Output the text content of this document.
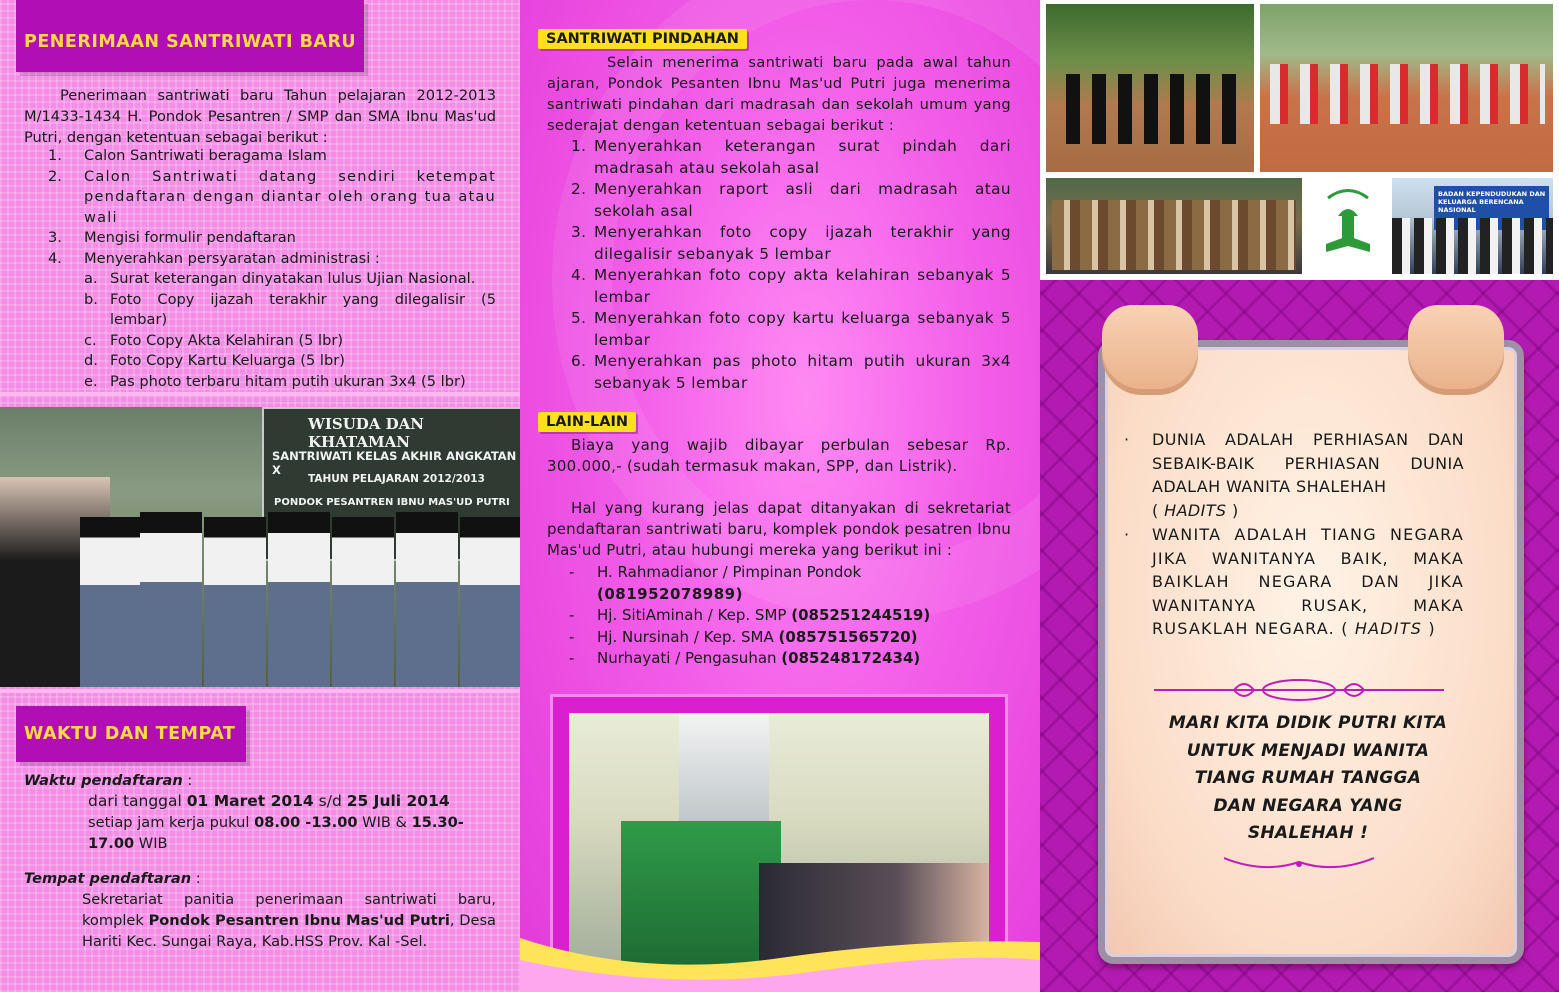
PENERIMAAN SANTRIWATI BARU
Penerimaan santriwati baru Tahun pelajaran 2012-2013 M/1433-1434 H. Pondok Pesantren / SMP dan SMA Ibnu Mas'ud Putri, dengan ketentuan sebagai berikut :
1. Calon Santriwati beragama Islam
2. Calon Santriwati datang sendiri ketempat pendaftaran dengan diantar oleh orang tua atau wali
3. Mengisi formulir pendaftaran
4. Menyerahkan persyaratan administrasi :
a. Surat keterangan dinyatakan lulus Ujian Nasional.
b. Foto Copy ijazah terakhir yang dilegalisir (5 lembar)
c. Foto Copy Akta Kelahiran (5 lbr)
d. Foto Copy Kartu Keluarga (5 lbr)
e. Pas photo terbaru hitam putih ukuran 3x4 (5 lbr)
WISUDA DAN KHATAMAN
SANTRIWATI KELAS AKHIR ANGKATAN X
TAHUN PELAJARAN 2012/2013
PONDOK PESANTREN IBNU MAS'UD PUTRI
WAKTU DAN TEMPAT
Waktu pendaftaran :
dari tanggal 01 Maret 2014 s/d 25 Juli 2014
setiap jam kerja pukul 08.00 -13.00 WIB & 15.30-17.00 WIB
Tempat pendaftaran :
Sekretariat panitia penerimaan santriwati baru, komplek Pondok Pesantren Ibnu Mas'ud Putri, Desa Hariti Kec. Sungai Raya, Kab.HSS Prov. Kal -Sel.
SANTRIWATI PINDAHAN
Selain menerima santriwati baru pada awal tahun ajaran, Pondok Pesanten Ibnu Mas'ud Putri juga menerima santriwati pindahan dari madrasah dan sekolah umum yang sederajat dengan ketentuan sebagai berikut :
1. Menyerahkan keterangan surat pindah dari madrasah atau sekolah asal
2. Menyerahkan raport asli dari madrasah atau sekolah asal
3. Menyerahkan foto copy ijazah terakhir yang dilegalisir sebanyak 5 lembar
4. Menyerahkan foto copy akta kelahiran sebanyak 5 lembar
5. Menyerahkan foto copy kartu keluarga sebanyak 5 lembar
6. Menyerahkan pas photo hitam putih ukuran 3x4 sebanyak 5 lembar
LAIN-LAIN
Biaya yang wajib dibayar perbulan sebesar Rp. 300.000,- (sudah termasuk makan, SPP, dan Listrik).
Hal yang kurang jelas dapat ditanyakan di sekretariat pendaftaran santriwati baru, komplek pondok pesatren Ibnu Mas'ud Putri, atau hubungi mereka yang berikut ini :
- H. Rahmadianor / Pimpinan Pondok
(081952078989)
- Hj. SitiAminah / Kep. SMP (085251244519)
- Hj. Nursinah / Kep. SMA (085751565720)
- Nurhayati / Pengasuhan (085248172434)
BADAN KEPENDUDUKAN DAN
KELUARGA BERENCANA
NASIONAL
·	DUNIA ADALAH PERHIASAN DAN SEBAIK-BAIK PERHIASAN DUNIA ADALAH WANITA SHALEHAH
( HADITS )
·	WANITA ADALAH TIANG NEGARA JIKA WANITANYA BAIK, MAKA BAIKLAH NEGARA DAN JIKA WANITANYA RUSAK, MAKA RUSAKLAH NEGARA. ( HADITS )
MARI KITA DIDIK PUTRI KITA
UNTUK MENJADI WANITA
TIANG RUMAH TANGGA
DAN NEGARA YANG
SHALEHAH !
